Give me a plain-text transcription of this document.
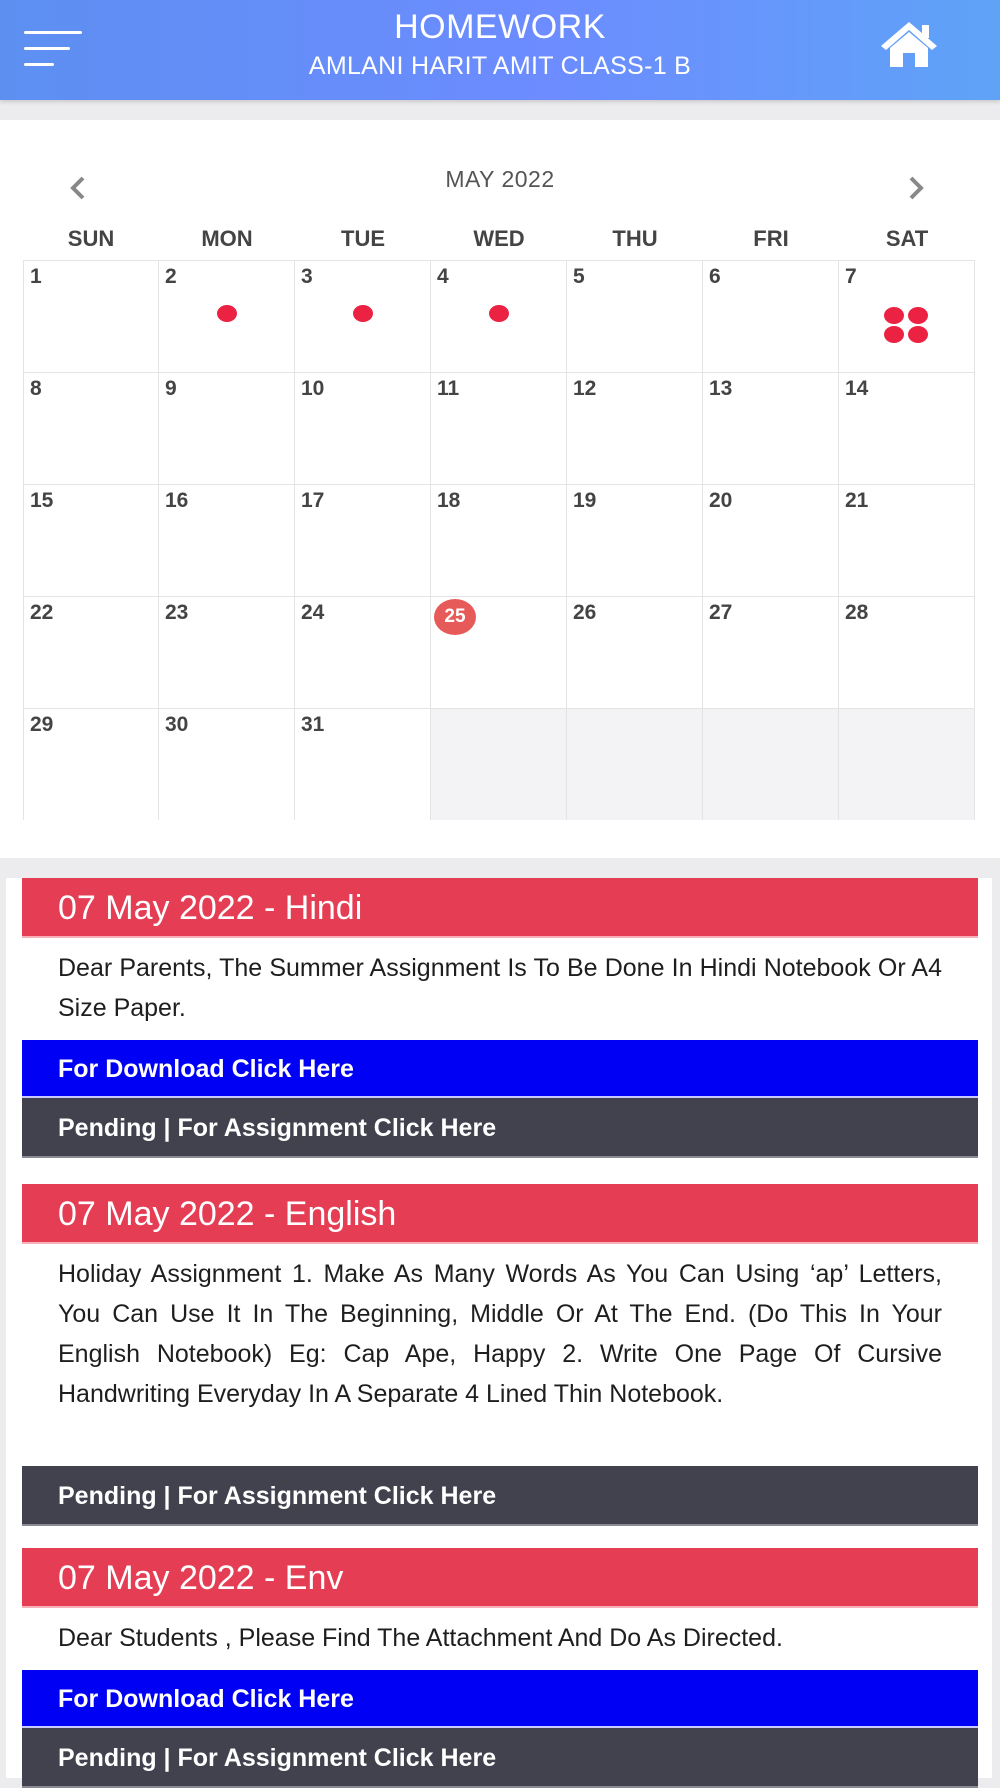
HOMEWORK
AMLANI HARIT AMIT CLASS-1 B
MAY 2022
SUN	MON	TUE	WED	THU	FRI	SAT
1	2	3	4	5	6	7
8	9	10	11	12	13	14
15	16	17	18	19	20	21
22	23	24	25	26	27	28
29	30	31
07 May 2022 - Hindi
Dear Parents, The Summer Assignment Is To Be Done In Hindi Notebook Or A4 Size Paper.
For Download Click Here
Pending | For Assignment Click Here
07 May 2022 - English
Holiday Assignment 1. Make As Many Words As You Can Using ‘ap’ Letters, You Can Use It In The Beginning, Middle Or At The End. (Do This In Your English Notebook) Eg: Cap Ape, Happy 2. Write One Page Of Cursive Handwriting Everyday In A Separate 4 Lined Thin Notebook.
Pending | For Assignment Click Here
07 May 2022 - Env
Dear Students , Please Find The Attachment And Do As Directed.
For Download Click Here
Pending | For Assignment Click Here
